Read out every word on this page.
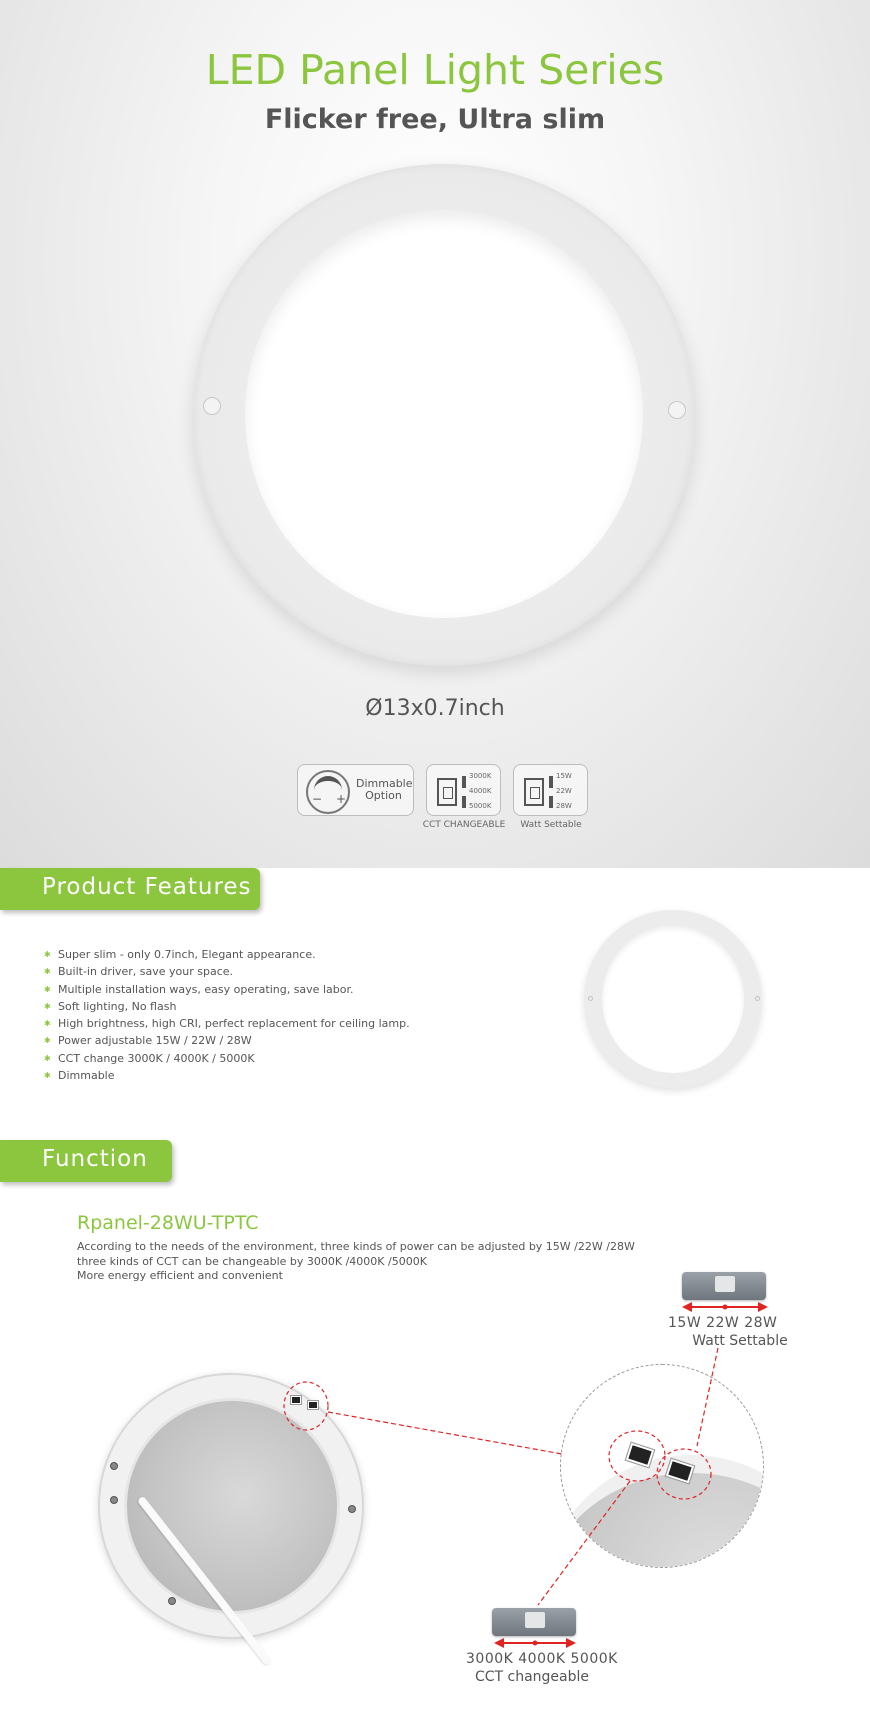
LED Panel Light Series
Flicker free, Ultra slim
Ø13x0.7inch
− +
Dimmable
Option
3000K
4000K
5000K
CCT CHANGEABLE
15W
22W
28W
Watt Settable
Product Features
✱ Super slim - only 0.7inch, Elegant appearance.
✱ Built-in driver, save your space.
✱ Multiple installation ways, easy operating, save labor.
✱ Soft lighting, No flash
✱ High brightness, high CRI, perfect replacement for ceiling lamp.
✱ Power adjustable 15W / 22W / 28W
✱ CCT change 3000K / 4000K / 5000K
✱ Dimmable
Function
Rpanel-28WU-TPTC
According to the needs of the environment, three kinds of power can be adjusted by 15W /22W /28W
three kinds of CCT can be changeable by 3000K /4000K /5000K
More energy efficient and convenient
15W 22W 28W
Watt Settable
3000K 4000K 5000K
CCT changeable
